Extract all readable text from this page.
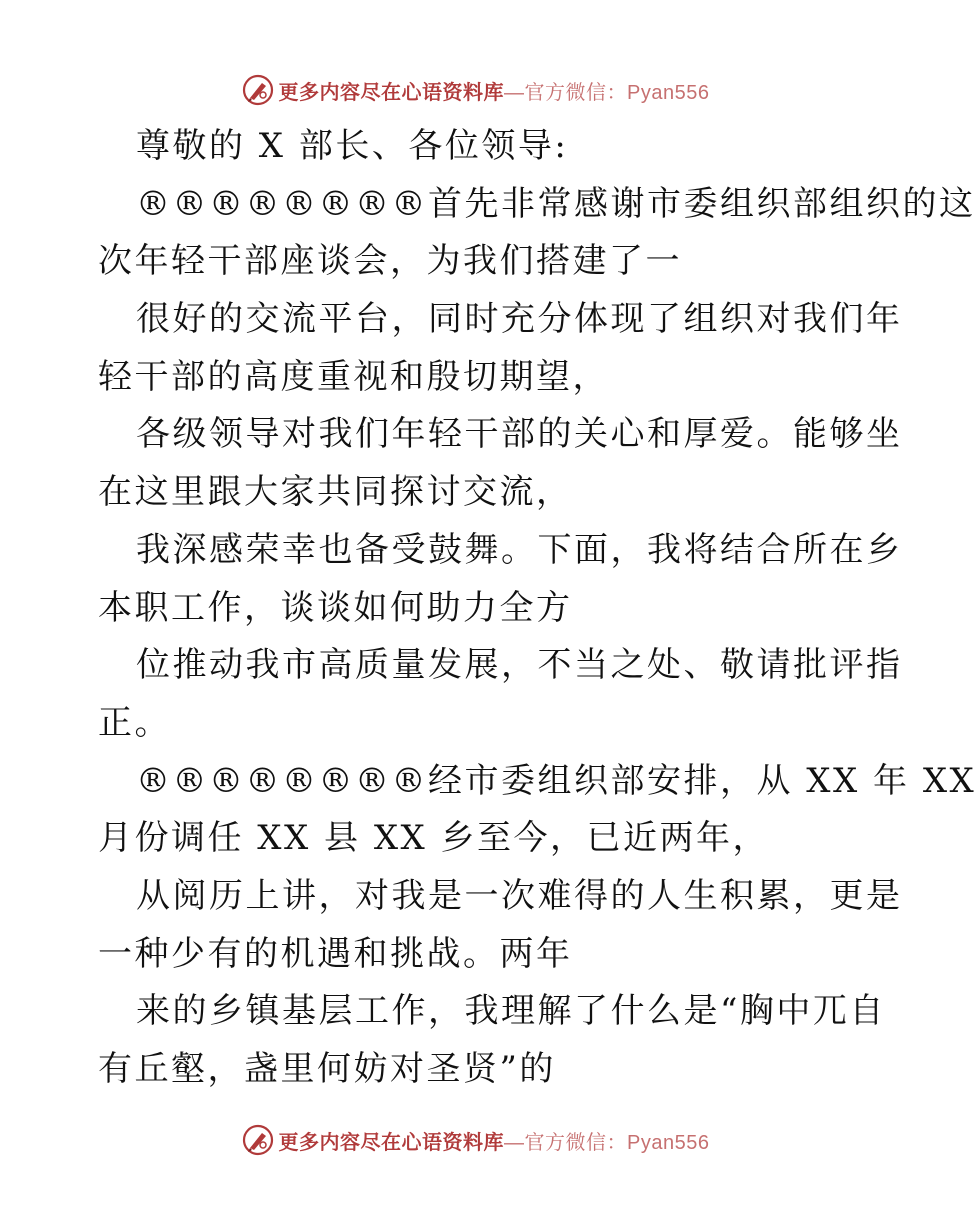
更多内容尽在心语资料库—官方微信：Pyan556
尊敬的 X 部长、各位领导:
®®®®®®®®首先非常感谢市委组织部组织的这
次年轻干部座谈会，为我们搭建了一
很好的交流平台，同时充分体现了组织对我们年
轻干部的高度重视和殷切期望，
各级领导对我们年轻干部的关心和厚爱。能够坐
在这里跟大家共同探讨交流，
我深感荣幸也备受鼓舞。下面，我将结合所在乡
本职工作，谈谈如何助力全方
位推动我市高质量发展，不当之处、敬请批评指
正。
®®®®®®®®经市委组织部安排，从 XX 年 XX
月份调任 XX 县 XX 乡至今，已近两年，
从阅历上讲，对我是一次难得的人生积累，更是
一种少有的机遇和挑战。两年
来的乡镇基层工作，我理解了什么是“胸中兀自
有丘壑，盏里何妨对圣贤”的
更多内容尽在心语资料库—官方微信：Pyan556
